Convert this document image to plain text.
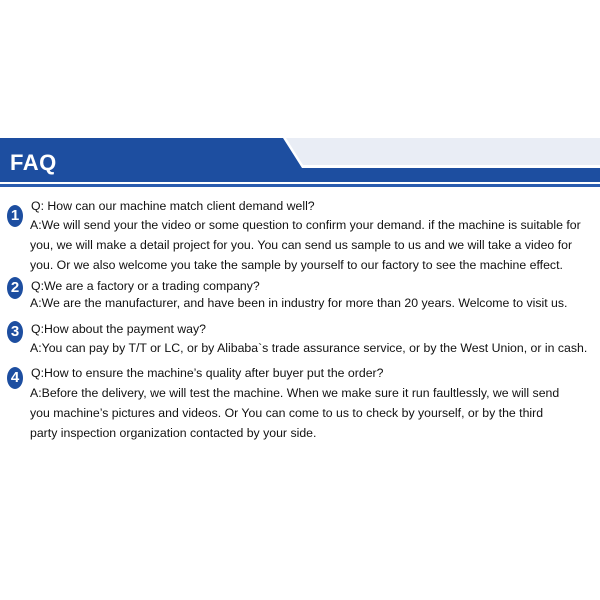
FAQ
1
Q: How can our machine match client demand well?
A:We will send your the video or some question to confirm your demand. if the machine is suitable for
you, we will make a detail project for you. You can send us sample to us and we will take a video for
you. Or we also welcome you take the sample by yourself to our factory to see the machine effect.
2 Q:We are a factory or a trading company?
A:We are the manufacturer, and have been in industry for more than 20 years. Welcome to visit us.
3 Q:How about the payment way?
A:You can pay by T/T or LC, or by Alibaba`s trade assurance service, or by the West Union, or in cash.
4 Q:How to ensure the machine’s quality after buyer put the order?
A:Before the delivery, we will test the machine. When we make sure it run faultlessly, we will send
you machine’s pictures and videos. Or You can come to us to check by yourself, or by the third
party inspection organization contacted by your side.
